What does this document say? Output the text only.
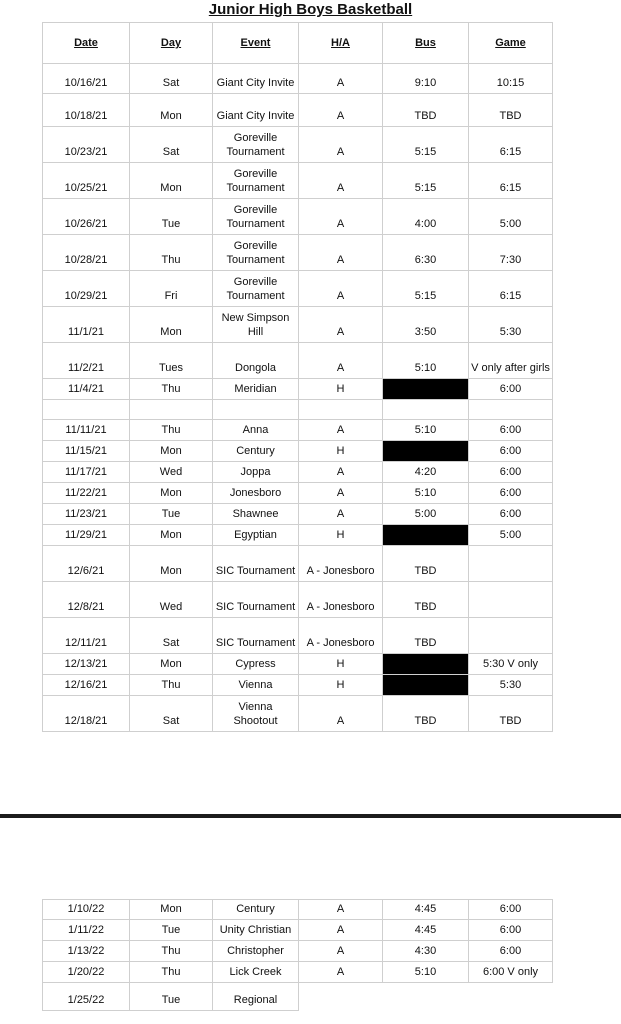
Junior High Boys Basketball
Date	Day	Event	H/A	Bus	Game
10/16/21	Sat	Giant City Invite	A	9:10	10:15
10/18/21	Mon	Giant City Invite	A	TBD	TBD
10/23/21	Sat	Goreville Tournament	A	5:15	6:15
10/25/21	Mon	Goreville Tournament	A	5:15	6:15
10/26/21	Tue	Goreville Tournament	A	4:00	5:00
10/28/21	Thu	Goreville Tournament	A	6:30	7:30
10/29/21	Fri	Goreville Tournament	A	5:15	6:15
11/1/21	Mon	New Simpson Hill	A	3:50	5:30
11/2/21	Tues	Dongola	A	5:10	V only after girls
11/4/21	Thu	Meridian	H		6:00

11/11/21	Thu	Anna	A	5:10	6:00
11/15/21	Mon	Century	H		6:00
11/17/21	Wed	Joppa	A	4:20	6:00
11/22/21	Mon	Jonesboro	A	5:10	6:00
11/23/21	Tue	Shawnee	A	5:00	6:00
11/29/21	Mon	Egyptian	H		5:00
12/6/21	Mon	SIC Tournament	A - Jonesboro	TBD	
12/8/21	Wed	SIC Tournament	A - Jonesboro	TBD	
12/11/21	Sat	SIC Tournament	A - Jonesboro	TBD	
12/13/21	Mon	Cypress	H		5:30 V only
12/16/21	Thu	Vienna	H		5:30
12/18/21	Sat	Vienna Shootout	A	TBD	TBD
1/10/22	Mon	Century	A	4:45	6:00
1/11/22	Tue	Unity Christian	A	4:45	6:00
1/13/22	Thu	Christopher	A	4:30	6:00
1/20/22	Thu	Lick Creek	A	5:10	6:00 V only
1/25/22	Tue	Regional			
